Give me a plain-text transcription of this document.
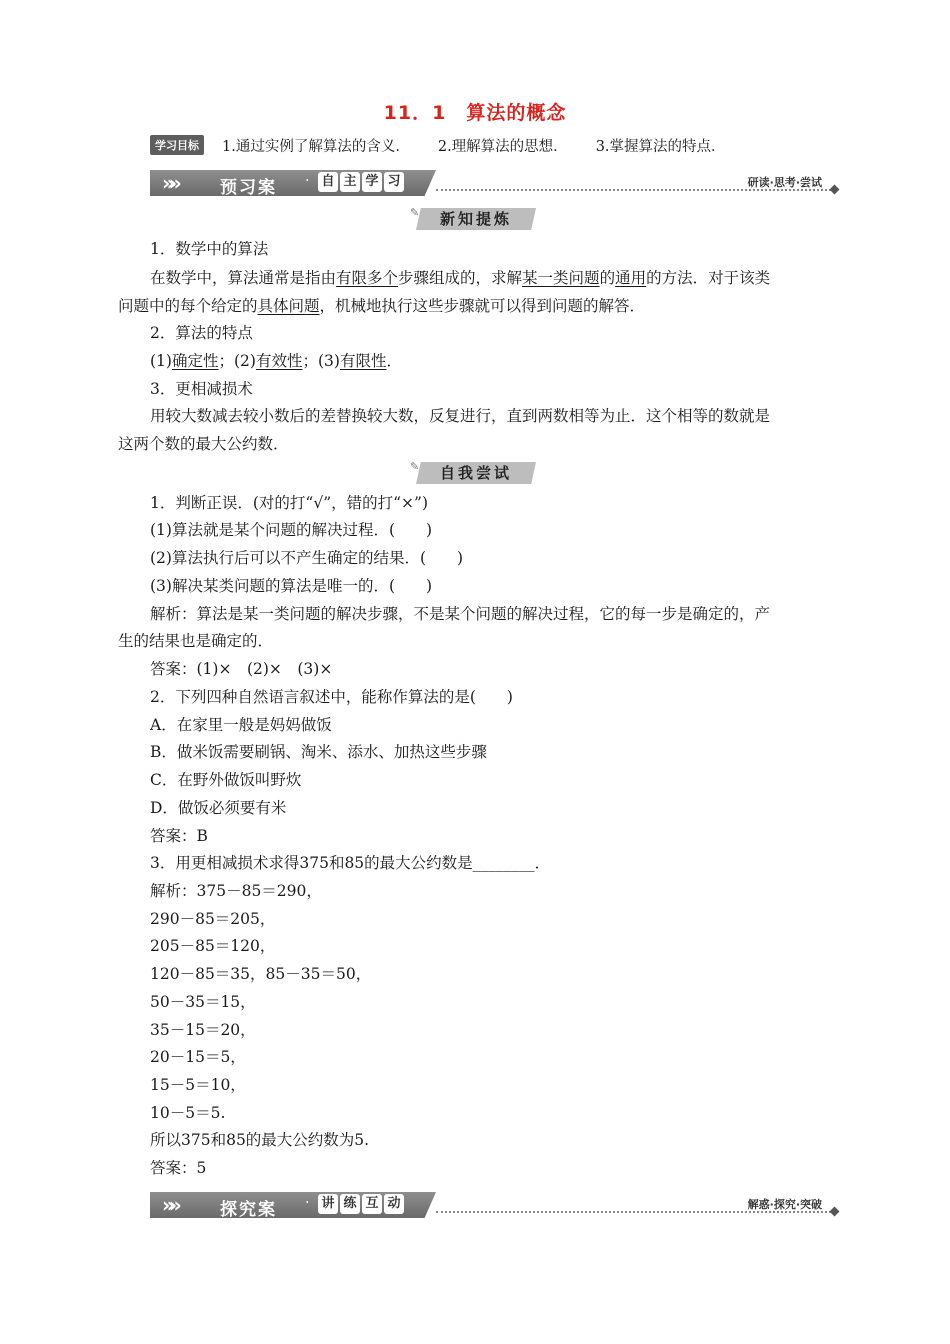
11．1　算法的概念
学习目标	1.通过实例了解算法的含义． 2.理解算法的思想． 3.掌握算法的特点．
»»	预习案 · 自 主 学 习	研读·思考·尝试
✎	新知提炼
1．数学中的算法
在数学中，算法通常是指由有限多个步骤组成的，求解某一类问题的通用的方法．对于该类
问题中的每个给定的具体问题，机械地执行这些步骤就可以得到问题的解答．
2．算法的特点
(1)确定性；(2)有效性；(3)有限性．
3．更相减损术
用较大数减去较小数后的差替换较大数，反复进行，直到两数相等为止．这个相等的数就是
这两个数的最大公约数．
✎	自我尝试
1．判断正误．(对的打“√”，错的打“×”)
(1)算法就是某个问题的解决过程．(　　)
(2)算法执行后可以不产生确定的结果．(　　)
(3)解决某类问题的算法是唯一的．(　　)
解析：算法是某一类问题的解决步骤，不是某个问题的解决过程，它的每一步是确定的，产
生的结果也是确定的．
答案：(1)×　(2)×　(3)×
2．下列四种自然语言叙述中，能称作算法的是(　　)
A．在家里一般是妈妈做饭
B．做米饭需要刷锅、淘米、添水、加热这些步骤
C．在野外做饭叫野炊
D．做饭必须要有米
答案：B
3．用更相减损术求得375和85的最大公约数是________．
解析：375－85＝290，
290－85＝205，
205－85＝120，
120－85＝35，85－35＝50，
50－35＝15，
35－15＝20，
20－15＝5，
15－5＝10，
10－5＝5.
所以375和85的最大公约数为5.
答案：5
»»	探究案 · 讲 练 互 动	解惑·探究·突破
